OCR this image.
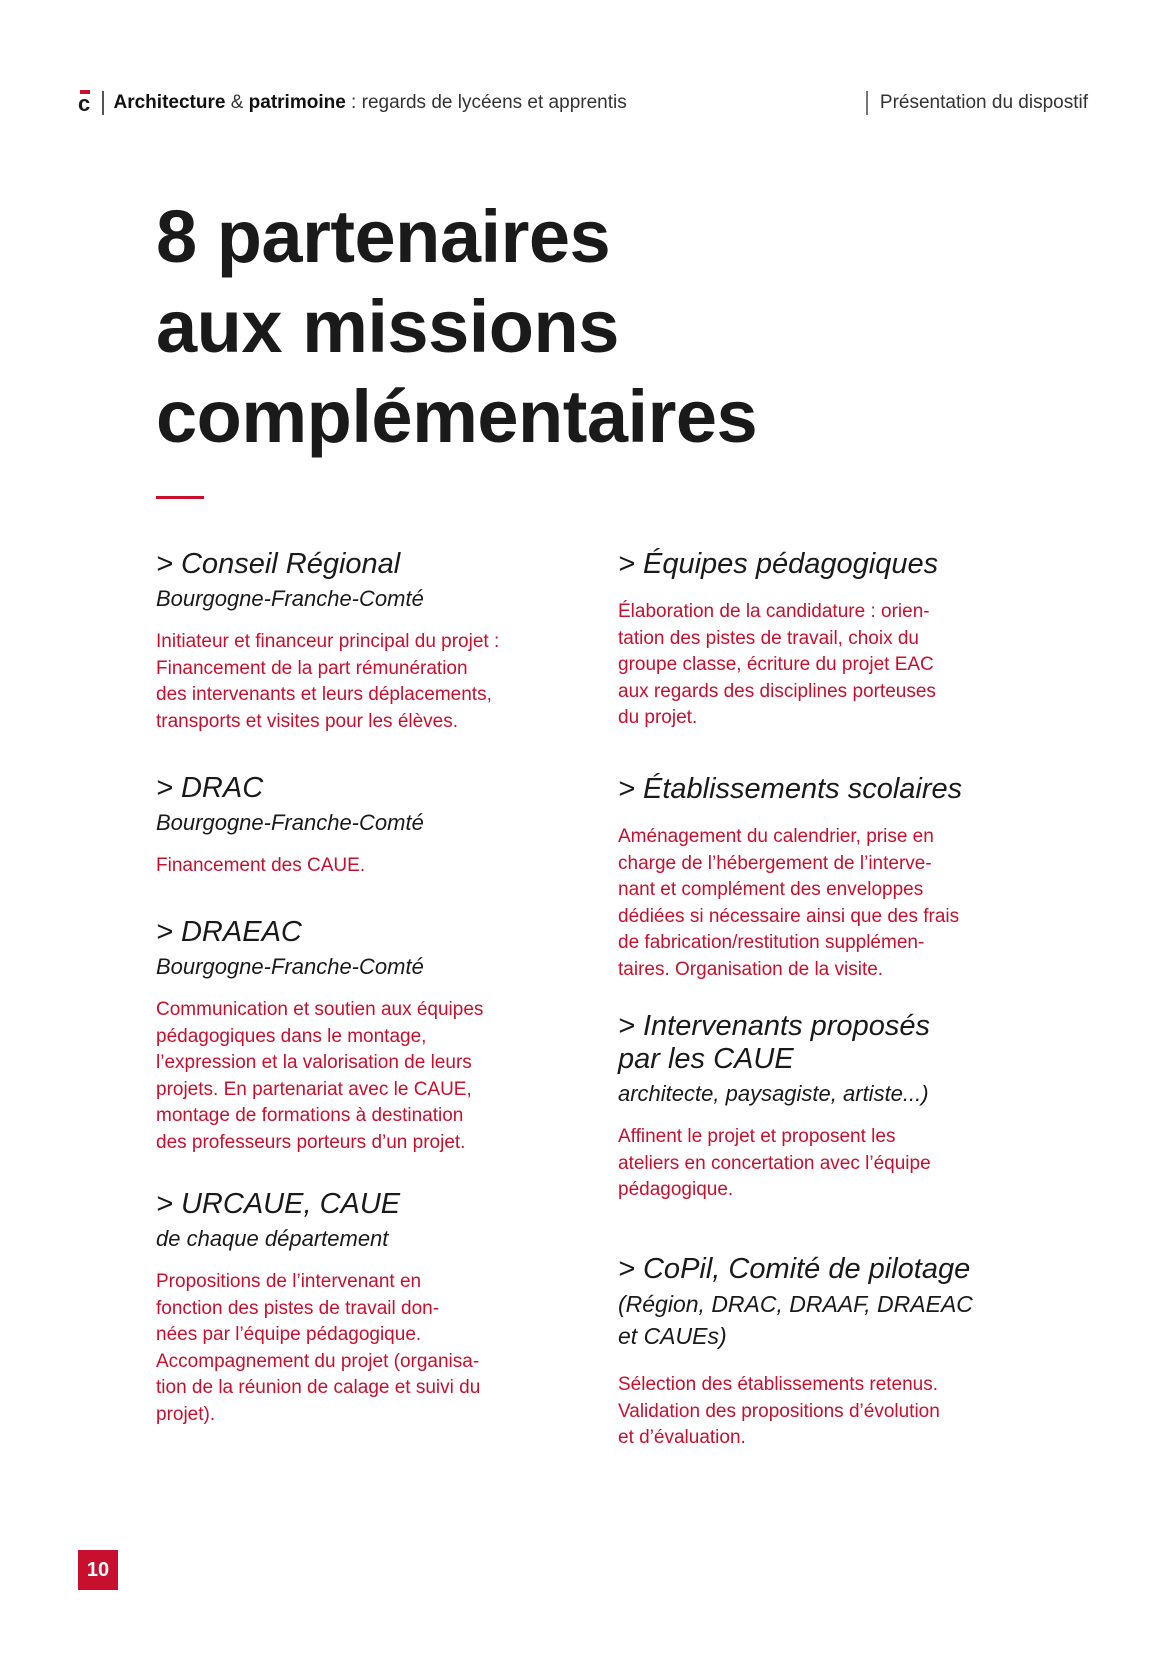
c Architecture & patrimoine : regards de lycéens et apprentis	Présentation du dispostif
8 partenaires
aux missions
complémentaires

> Conseil Régional

Bourgogne-Franche-Comté

Initiateur et financeur principal du projet :
Financement de la part rémunération
des intervenants et leurs déplacements,
transports et visites pour les élèves.

> DRAC

Bourgogne-Franche-Comté

Financement des CAUE.

> DRAEAC

Bourgogne-Franche-Comté

Communication et soutien aux équipes
pédagogiques dans le montage,
l’expression et la valorisation de leurs
projets. En partenariat avec le CAUE,
montage de formations à destination
des professeurs porteurs d’un projet.

> URCAUE, CAUE

de chaque département

Propositions de l’intervenant en
fonction des pistes de travail don-
nées par l’équipe pédagogique.
Accompagnement du projet (organisa-
tion de la réunion de calage et suivi du
projet).

> Équipes pédagogiques

Élaboration de la candidature : orien-
tation des pistes de travail, choix du
groupe classe, écriture du projet EAC
aux regards des disciplines porteuses
du projet.

> Établissements scolaires

Aménagement du calendrier, prise en
charge de l’hébergement de l’interve-
nant et complément des enveloppes
dédiées si nécessaire ainsi que des frais
de fabrication/restitution supplémen-
taires. Organisation de la visite.

> Intervenants proposés
par les CAUE

architecte, paysagiste, artiste...)

Affinent le projet et proposent les
ateliers en concertation avec l’équipe
pédagogique.

> CoPil, Comité de pilotage

(Région, DRAC, DRAAF, DRAEAC
et CAUEs)

Sélection des établissements retenus.
Validation des propositions d’évolution
et d’évaluation.

10
